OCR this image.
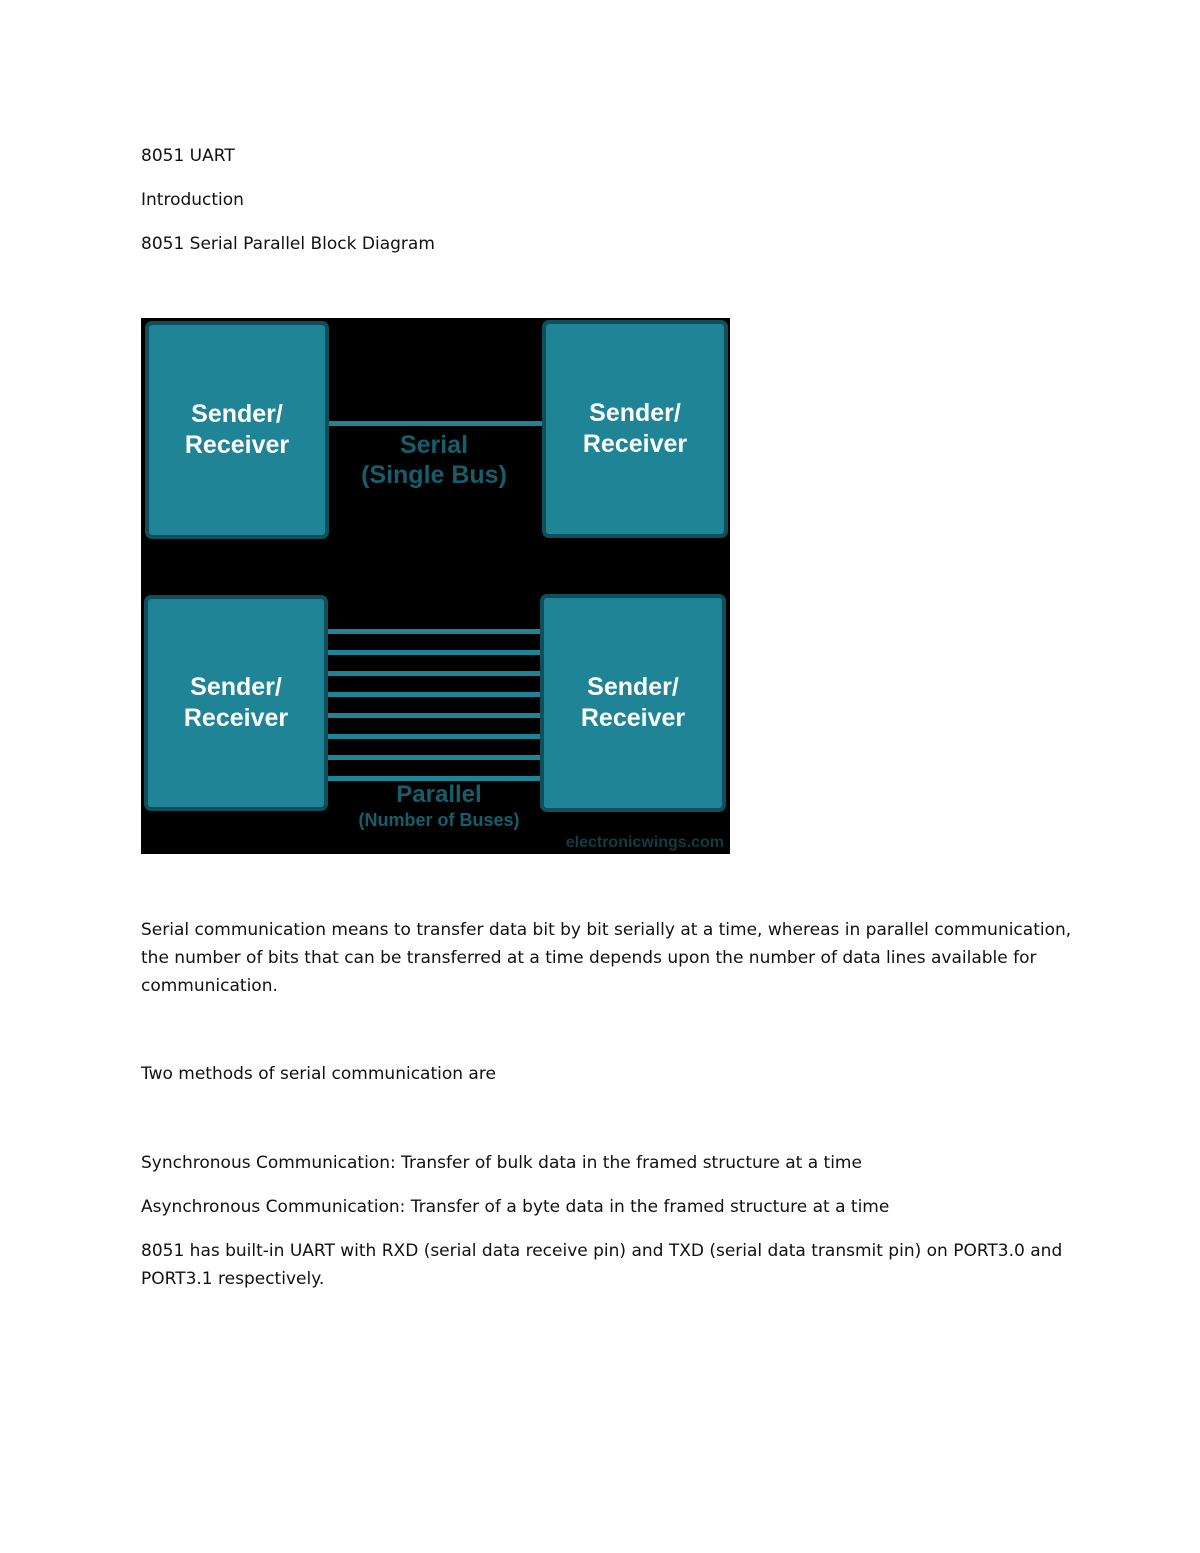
8051 UART
Introduction
8051 Serial Parallel Block Diagram
Sender/
Receiver
Sender/
Receiver
Sender/
Receiver
Sender/
Receiver
Serial
(Single Bus)
Parallel
(Number of Buses)
electronicwings.com

Serial communication means to transfer data bit by bit serially at a time, whereas in parallel communication, the number of bits that can be transferred at a time depends upon the number of data lines available for communication.

Two methods of serial communication are

Synchronous Communication: Transfer of bulk data in the framed structure at a time

Asynchronous Communication: Transfer of a byte data in the framed structure at a time

8051 has built-in UART with RXD (serial data receive pin) and TXD (serial data transmit pin) on PORT3.0 and PORT3.1 respectively.
